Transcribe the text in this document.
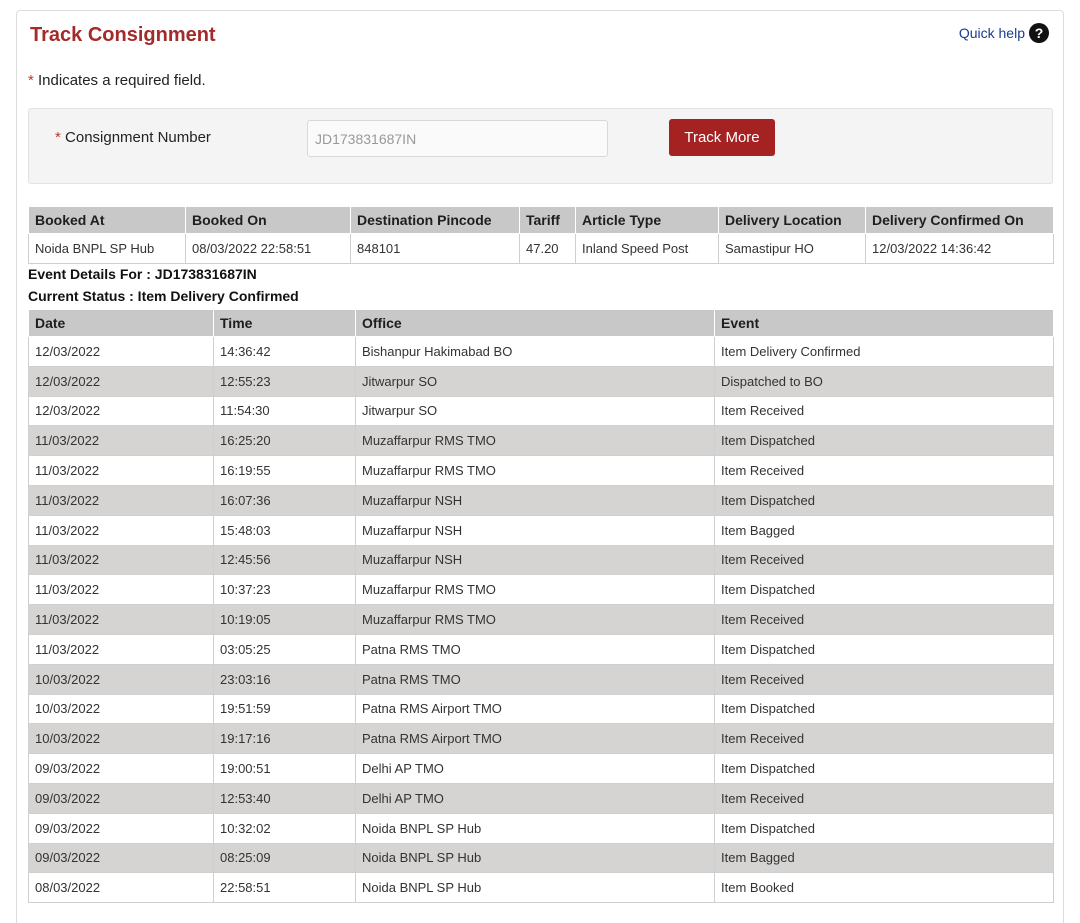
Track Consignment	Quick help ?
* Indicates a required field.
* Consignment Number
JD173831687IN	Track More
Booked At	Booked On	Destination Pincode	Tariff	Article Type	Delivery Location	Delivery Confirmed On
Noida BNPL SP Hub	08/03/2022 22:58:51	848101	47.20	Inland Speed Post	Samastipur HO	12/03/2022 14:36:42
Event Details For : JD173831687IN
Current Status : Item Delivery Confirmed
Date	Time	Office	Event
12/03/2022	14:36:42	Bishanpur Hakimabad BO	Item Delivery Confirmed
12/03/2022	12:55:23	Jitwarpur SO	Dispatched to BO
12/03/2022	11:54:30	Jitwarpur SO	Item Received
11/03/2022	16:25:20	Muzaffarpur RMS TMO	Item Dispatched
11/03/2022	16:19:55	Muzaffarpur RMS TMO	Item Received
11/03/2022	16:07:36	Muzaffarpur NSH	Item Dispatched
11/03/2022	15:48:03	Muzaffarpur NSH	Item Bagged
11/03/2022	12:45:56	Muzaffarpur NSH	Item Received
11/03/2022	10:37:23	Muzaffarpur RMS TMO	Item Dispatched
11/03/2022	10:19:05	Muzaffarpur RMS TMO	Item Received
11/03/2022	03:05:25	Patna RMS TMO	Item Dispatched
10/03/2022	23:03:16	Patna RMS TMO	Item Received
10/03/2022	19:51:59	Patna RMS Airport TMO	Item Dispatched
10/03/2022	19:17:16	Patna RMS Airport TMO	Item Received
09/03/2022	19:00:51	Delhi AP TMO	Item Dispatched
09/03/2022	12:53:40	Delhi AP TMO	Item Received
09/03/2022	10:32:02	Noida BNPL SP Hub	Item Dispatched
09/03/2022	08:25:09	Noida BNPL SP Hub	Item Bagged
08/03/2022	22:58:51	Noida BNPL SP Hub	Item Booked
